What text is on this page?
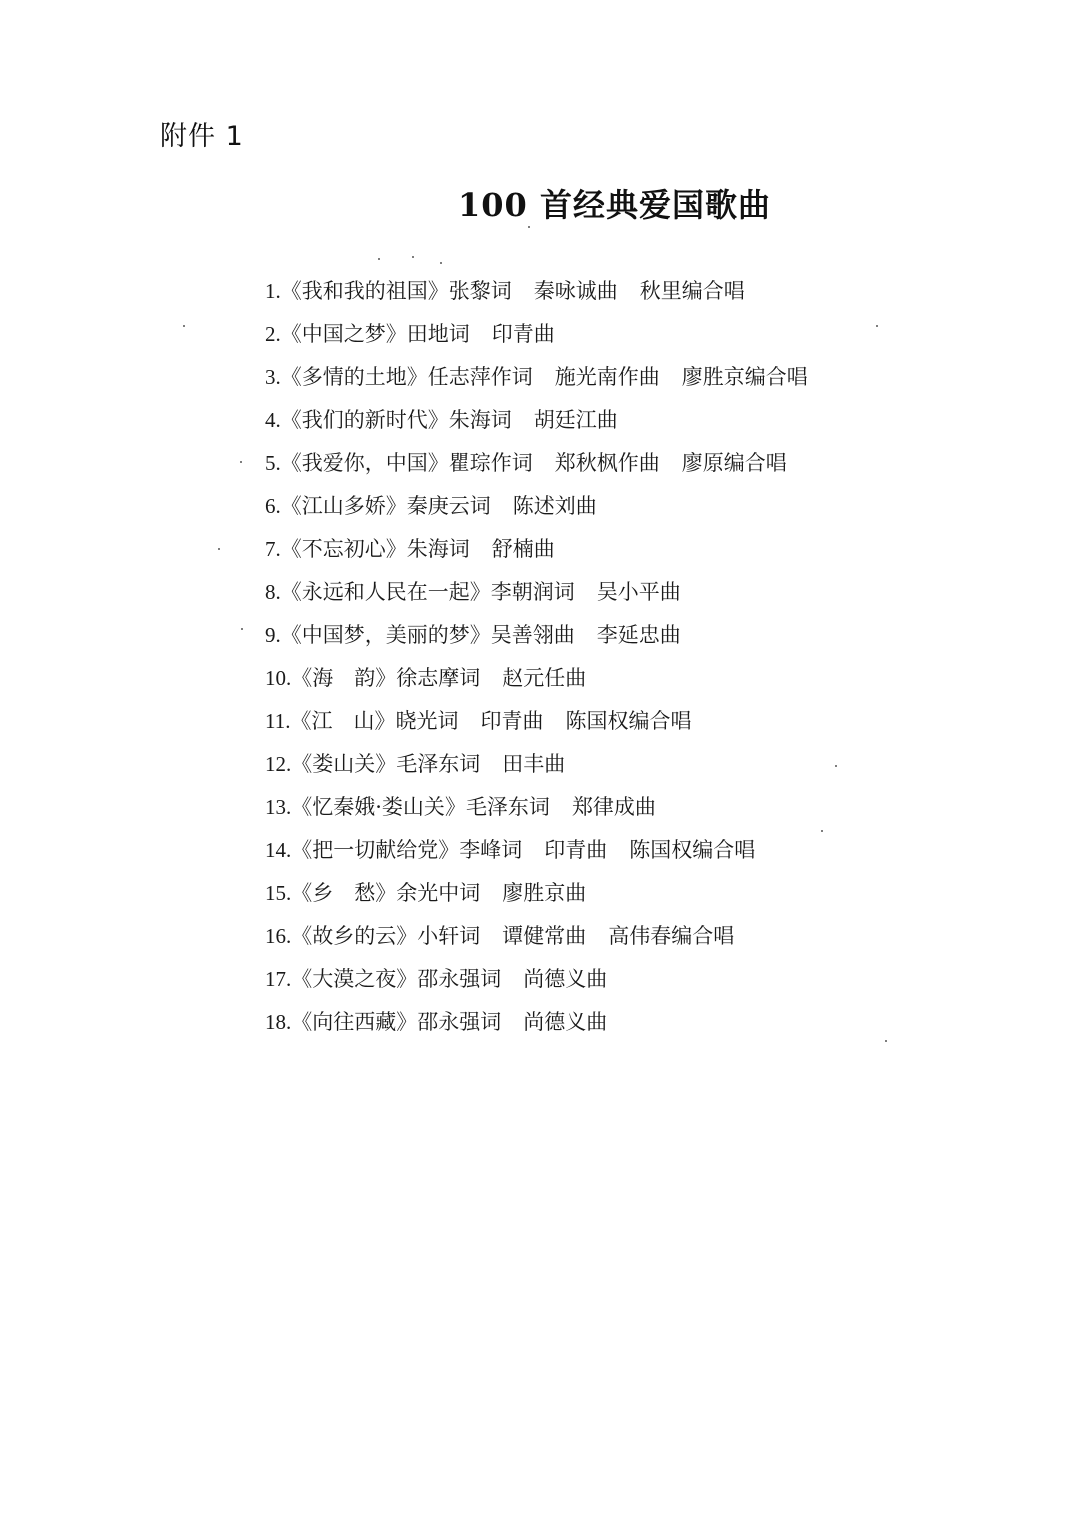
附件 1
100 首经典爱国歌曲
1.《我和我的祖国》张黎词 秦咏诚曲 秋里编合唱
2.《中国之梦》田地词 印青曲
3.《多情的土地》任志萍作词 施光南作曲 廖胜京编合唱
4.《我们的新时代》朱海词 胡廷江曲
5.《我爱你，中国》瞿琮作词 郑秋枫作曲 廖原编合唱
6.《江山多娇》秦庚云词 陈述刘曲
7.《不忘初心》朱海词 舒楠曲
8.《永远和人民在一起》李朝润词 吴小平曲
9.《中国梦，美丽的梦》吴善翎曲 李延忠曲
10.《海　韵》徐志摩词 赵元任曲
11.《江　山》晓光词 印青曲 陈国权编合唱
12.《娄山关》毛泽东词 田丰曲
13.《忆秦娥·娄山关》毛泽东词 郑律成曲
14.《把一切献给党》李峰词 印青曲 陈国权编合唱
15.《乡　愁》余光中词 廖胜京曲
16.《故乡的云》小轩词 谭健常曲 高伟春编合唱
17.《大漠之夜》邵永强词 尚德义曲
18.《向往西藏》邵永强词 尚德义曲
